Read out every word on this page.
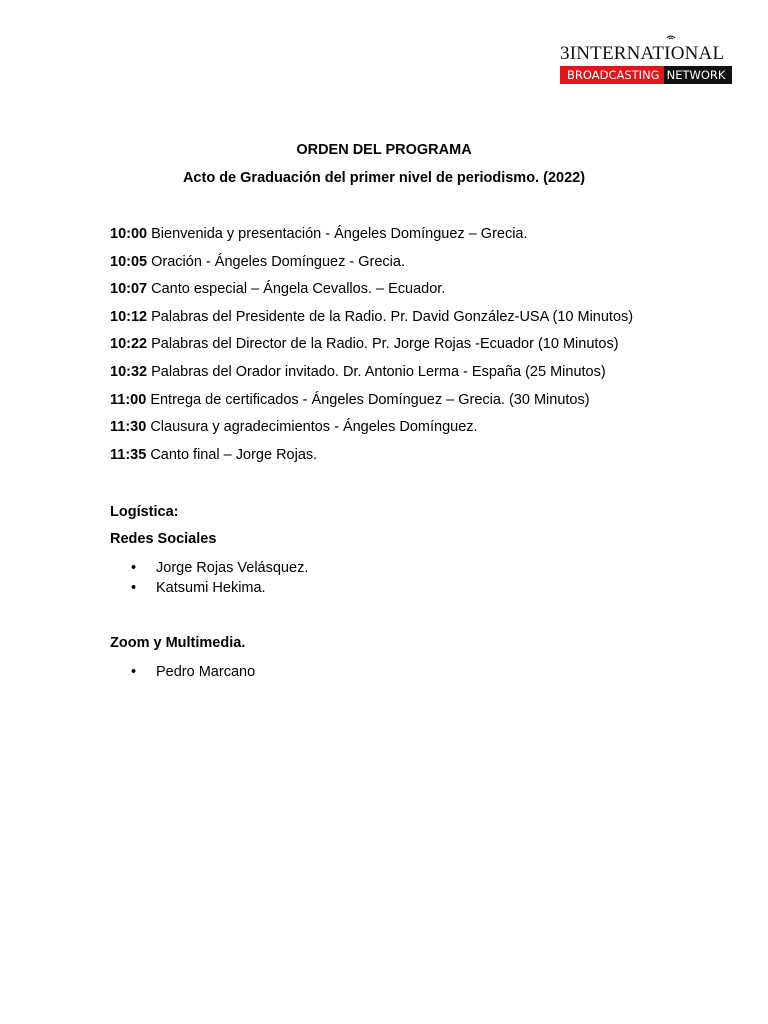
3INTERNATIONAL
BROADCASTING NETWORK
ORDEN DEL PROGRAMA
Acto de Graduación del primer nivel de periodismo. (2022)
10:00 Bienvenida y presentación - Ángeles Domínguez – Grecia.
10:05 Oración - Ángeles Domínguez - Grecia.
10:07 Canto especial – Ángela Cevallos. – Ecuador.
10:12 Palabras del Presidente de la Radio. Pr. David González-USA (10 Minutos)
10:22 Palabras del Director de la Radio. Pr. Jorge Rojas -Ecuador (10 Minutos)
10:32 Palabras del Orador invitado. Dr. Antonio Lerma - España (25 Minutos)
11:00 Entrega de certificados - Ángeles Domínguez – Grecia. (30 Minutos)
11:30 Clausura y agradecimientos - Ángeles Domínguez.
11:35 Canto final – Jorge Rojas.
Logística:
Redes Sociales
• Jorge Rojas Velásquez.
• Katsumi Hekima.
Zoom y Multimedia.
• Pedro Marcano
